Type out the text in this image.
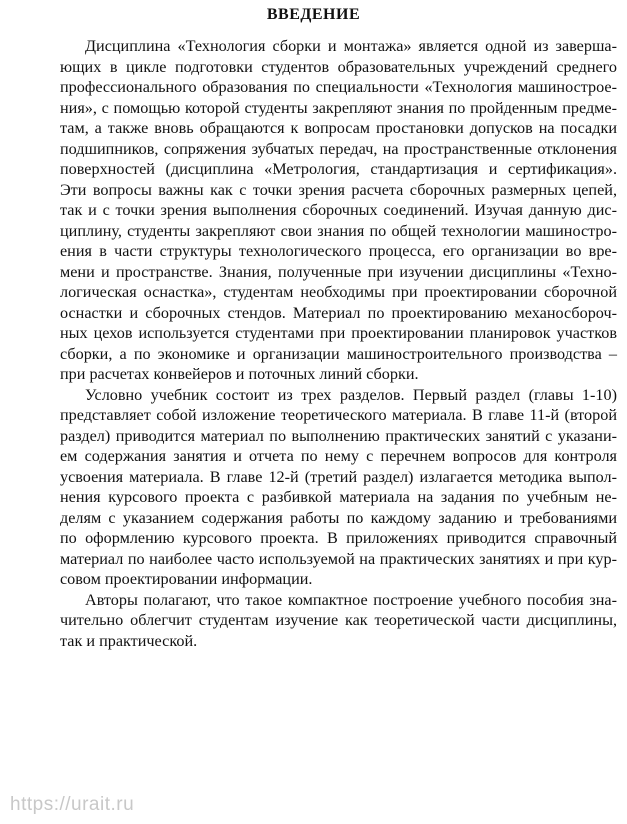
ВВЕДЕНИЕ
Дисциплина «Технология сборки и монтажа» является одной из заверша-
ющих в цикле подготовки студентов образовательных учреждений среднего
профессионального образования по специальности «Технология машинострое-
ния», с помощью которой студенты закрепляют знания по пройденным предме-
там, а также вновь обращаются к вопросам простановки допусков на посадки
подшипников, сопряжения зубчатых передач, на пространственные отклонения
поверхностей (дисциплина «Метрология, стандартизация и сертификация».
Эти вопросы важны как с точки зрения расчета сборочных размерных цепей,
так и с точки зрения выполнения сборочных соединений. Изучая данную дис-
циплину, студенты закрепляют свои знания по общей технологии машиностро-
ения в части структуры технологического процесса, его организации во вре-
мени и пространстве. Знания, полученные при изучении дисциплины «Техно-
логическая оснастка», студентам необходимы при проектировании сборочной
оснастки и сборочных стендов. Материал по проектированию механосбороч-
ных цехов используется студентами при проектировании планировок участков
сборки, а по экономике и организации машиностроительного производства –
при расчетах конвейеров и поточных линий сборки.
Условно учебник состоит из трех разделов. Первый раздел (главы 1-10)
представляет собой изложение теоретического материала. В главе 11-й (второй
раздел) приводится материал по выполнению практических занятий с указани-
ем содержания занятия и отчета по нему с перечнем вопросов для контроля
усвоения материала. В главе 12-й (третий раздел) излагается методика выпол-
нения курсового проекта с разбивкой материала на задания по учебным не-
делям с указанием содержания работы по каждому заданию и требованиями
по оформлению курсового проекта. В приложениях приводится справочный
материал по наиболее часто используемой на практических занятиях и при кур-
совом проектировании информации.
Авторы полагают, что такое компактное построение учебного пособия зна-
чительно облегчит студентам изучение как теоретической части дисциплины,
так и практической.
https://urait.ru
